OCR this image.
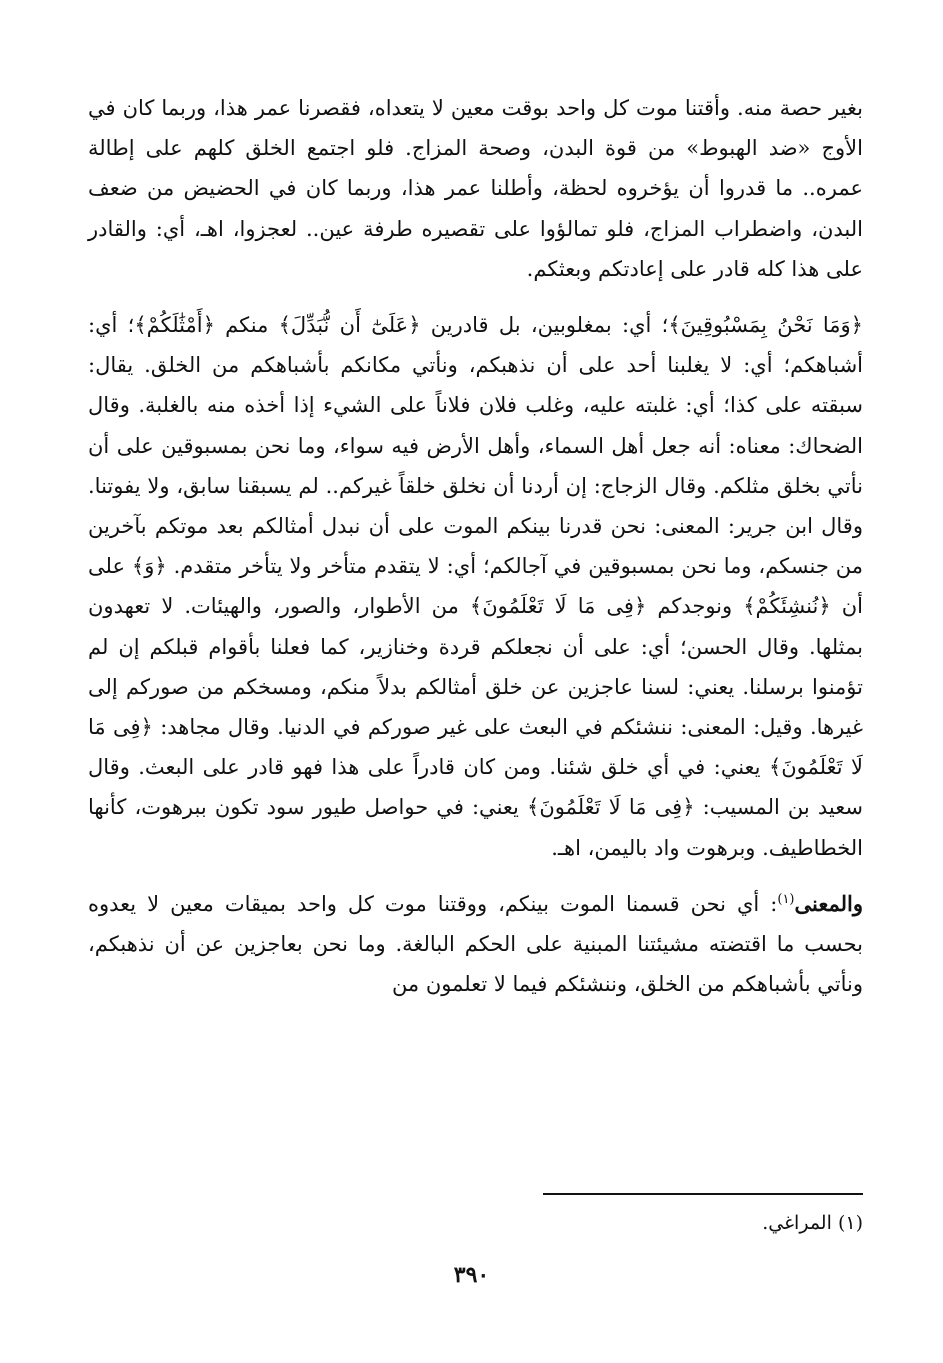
بغير حصة منه. وأقتنا موت كل واحد بوقت معين لا يتعداه، فقصرنا عمر هذا، وربما كان في الأوج «ضد الهبوط» من قوة البدن، وصحة المزاج. فلو اجتمع الخلق كلهم على إطالة عمره.. ما قدروا أن يؤخروه لحظة، وأطلنا عمر هذا، وربما كان في الحضيض من ضعف البدن، واضطراب المزاج، فلو تمالؤوا على تقصيره طرفة عين.. لعجزوا، اهـ، أي: والقادر على هذا كله قادر على إعادتكم وبعثكم.

﴿وَمَا نَحْنُ بِمَسْبُوقِينَ﴾؛ أي: بمغلوبين، بل قادرين ﴿عَلَىٰٓ أَن نُّبَدِّلَ﴾ منكم ﴿أَمْثَٰلَكُمْ﴾؛ أي: أشباهكم؛ أي: لا يغلبنا أحد على أن نذهبكم، ونأتي مكانكم بأشباهكم من الخلق. يقال: سبقته على كذا؛ أي: غلبته عليه، وغلب فلان فلاناً على الشيء إذا أخذه منه بالغلبة. وقال الضحاك: معناه: أنه جعل أهل السماء، وأهل الأرض فيه سواء، وما نحن بمسبوقين على أن نأتي بخلق مثلكم. وقال الزجاج: إن أردنا أن نخلق خلقاً غيركم.. لم يسبقنا سابق، ولا يفوتنا. وقال ابن جرير: المعنى: نحن قدرنا بينكم الموت على أن نبدل أمثالكم بعد موتكم بآخرين من جنسكم، وما نحن بمسبوقين في آجالكم؛ أي: لا يتقدم متأخر ولا يتأخر متقدم. ﴿وَ﴾ على أن ﴿نُنشِئَكُمْ﴾ ونوجدكم ﴿فِى مَا لَا تَعْلَمُونَ﴾ من الأطوار، والصور، والهيئات. لا تعهدون بمثلها. وقال الحسن؛ أي: على أن نجعلكم قردة وخنازير، كما فعلنا بأقوام قبلكم إن لم تؤمنوا برسلنا. يعني: لسنا عاجزين عن خلق أمثالكم بدلاً منكم، ومسخكم من صوركم إلى غيرها. وقيل: المعنى: ننشئكم في البعث على غير صوركم في الدنيا. وقال مجاهد: ﴿فِى مَا لَا تَعْلَمُونَ﴾ يعني: في أي خلق شئنا. ومن كان قادراً على هذا فهو قادر على البعث. وقال سعيد بن المسيب: ﴿فِى مَا لَا تَعْلَمُونَ﴾ يعني: في حواصل طيور سود تكون ببرهوت، كأنها الخطاطيف. وبرهوت واد باليمن، اهـ.

والمعنى$^{(١)}$: أي نحن قسمنا الموت بينكم، ووقتنا موت كل واحد بميقات معين لا يعدوه بحسب ما اقتضته مشيئتنا المبنية على الحكم البالغة. وما نحن بعاجزين عن أن نذهبكم، ونأتي بأشباهكم من الخلق، وننشئكم فيما لا تعلمون من

(١) المراغي.
٣٩٠
